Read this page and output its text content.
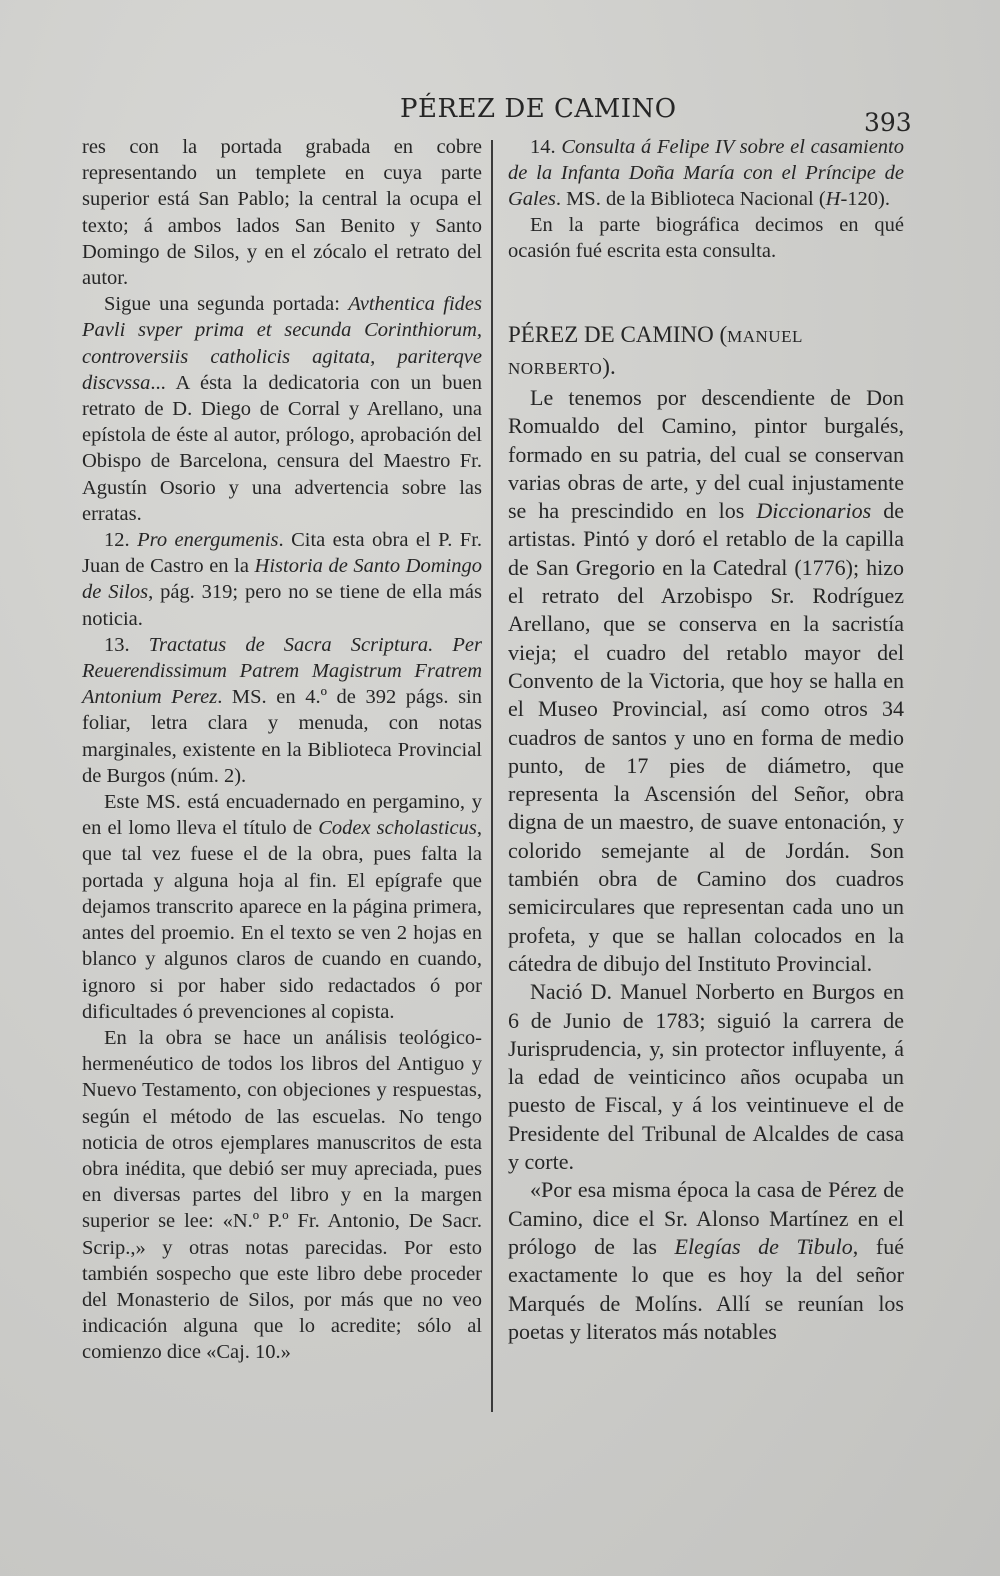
PÉREZ DE CAMINO	393

res con la portada grabada en cobre representando un templete en cuya parte superior está San Pablo; la central la ocupa el texto; á ambos lados San Benito y Santo Domingo de Silos, y en el zócalo el retrato del autor.

Sigue una segunda portada: Avthentica fides Pavli svper prima et secunda Corinthiorum, controversiis catholicis agitata, pariterqve discvssa... A ésta la dedicatoria con un buen retrato de D. Diego de Corral y Arellano, una epístola de éste al autor, prólogo, aprobación del Obispo de Barcelona, censura del Maestro Fr. Agustín Osorio y una advertencia sobre las erratas.

12. Pro energumenis. Cita esta obra el P. Fr. Juan de Castro en la Historia de Santo Domingo de Silos, pág. 319; pero no se tiene de ella más noticia.

13. Tractatus de Sacra Scriptura. Per Reuerendissimum Patrem Magistrum Fratrem Antonium Perez. MS. en 4.º de 392 págs. sin foliar, letra clara y menuda, con notas marginales, existente en la Biblioteca Provincial de Burgos (núm. 2).

Este MS. está encuadernado en pergamino, y en el lomo lleva el título de Codex scholasticus, que tal vez fuese el de la obra, pues falta la portada y alguna hoja al fin. El epígrafe que dejamos transcrito aparece en la página primera, antes del proemio. En el texto se ven 2 hojas en blanco y algunos claros de cuando en cuando, ignoro si por haber sido redactados ó por dificultades ó prevenciones al copista.

En la obra se hace un análisis teológico-hermenéutico de todos los libros del Antiguo y Nuevo Testamento, con objeciones y respuestas, según el método de las escuelas. No tengo noticia de otros ejemplares manuscritos de esta obra inédita, que debió ser muy apreciada, pues en diversas partes del libro y en la margen superior se lee: «N.º P.º Fr. Antonio, De Sacr. Scrip.,» y otras notas parecidas. Por esto también sospecho que este libro debe proceder del Monasterio de Silos, por más que no veo indicación alguna que lo acredite; sólo al comienzo dice «Caj. 10.»

14. Consulta á Felipe IV sobre el casamiento de la Infanta Doña María con el Príncipe de Gales. MS. de la Biblioteca Nacional (H-120).

En la parte biográfica decimos en qué ocasión fué escrita esta consulta.

PÉREZ DE CAMINO (MANUEL NORBERTO).

Le tenemos por descendiente de Don Romualdo del Camino, pintor burgalés, formado en su patria, del cual se conservan varias obras de arte, y del cual injustamente se ha prescindido en los Diccionarios de artistas. Pintó y doró el retablo de la capilla de San Gregorio en la Catedral (1776); hizo el retrato del Arzobispo Sr. Rodríguez Arellano, que se conserva en la sacristía vieja; el cuadro del retablo mayor del Convento de la Victoria, que hoy se halla en el Museo Provincial, así como otros 34 cuadros de santos y uno en forma de medio punto, de 17 pies de diámetro, que representa la Ascensión del Señor, obra digna de un maestro, de suave entonación, y colorido semejante al de Jordán. Son también obra de Camino dos cuadros semicirculares que representan cada uno un profeta, y que se hallan colocados en la cátedra de dibujo del Instituto Provincial.

Nació D. Manuel Norberto en Burgos en 6 de Junio de 1783; siguió la carrera de Jurisprudencia, y, sin protector influyente, á la edad de veinticinco años ocupaba un puesto de Fiscal, y á los veintinueve el de Presidente del Tribunal de Alcaldes de casa y corte.

«Por esa misma época la casa de Pérez de Camino, dice el Sr. Alonso Martínez en el prólogo de las Elegías de Tibulo, fué exactamente lo que es hoy la del señor Marqués de Molíns. Allí se reunían los poetas y literatos más notables
